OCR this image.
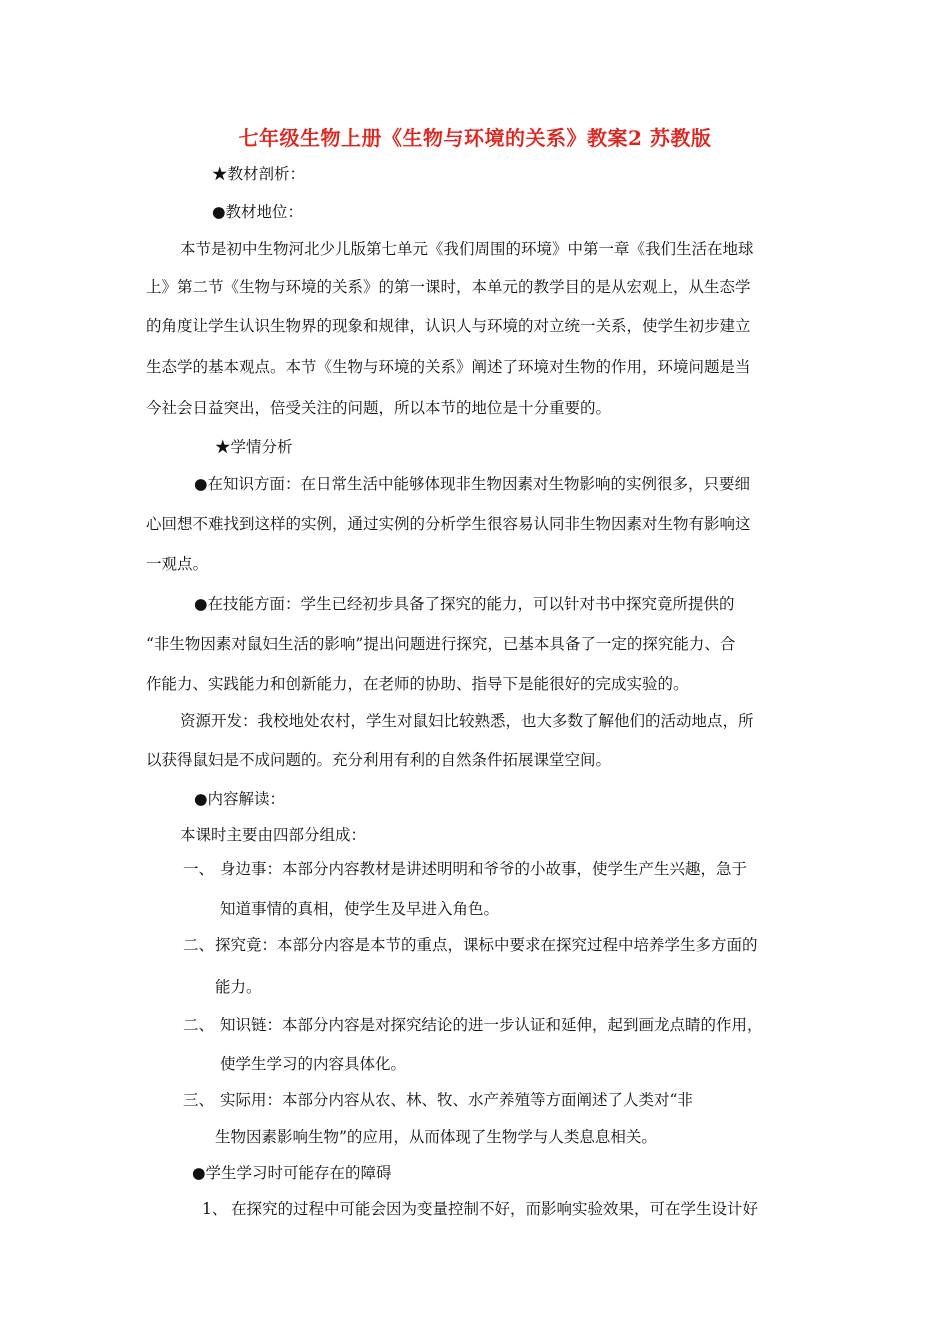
七年级生物上册《生物与环境的关系》教案2 苏教版
★教材剖析：
●教材地位：
本节是初中生物河北少儿版第七单元《我们周围的环境》中第一章《我们生活在地球
上》第二节《生物与环境的关系》的第一课时，本单元的教学目的是从宏观上，从生态学
的角度让学生认识生物界的现象和规律，认识人与环境的对立统一关系，使学生初步建立
生态学的基本观点。本节《生物与环境的关系》阐述了环境对生物的作用，环境问题是当
今社会日益突出，倍受关注的问题，所以本节的地位是十分重要的。
★学情分析
●在知识方面：在日常生活中能够体现非生物因素对生物影响的实例很多，只要细
心回想不难找到这样的实例，通过实例的分析学生很容易认同非生物因素对生物有影响这
一观点。
●在技能方面：学生已经初步具备了探究的能力，可以针对书中探究竟所提供的
“非生物因素对鼠妇生活的影响”提出问题进行探究，已基本具备了一定的探究能力、合
作能力、实践能力和创新能力，在老师的协助、指导下是能很好的完成实验的。
资源开发：我校地处农村，学生对鼠妇比较熟悉，也大多数了解他们的活动地点，所
以获得鼠妇是不成问题的。充分利用有利的自然条件拓展课堂空间。
●内容解读：
本课时主要由四部分组成：
一、 身边事：本部分内容教材是讲述明明和爷爷的小故事，使学生产生兴趣，急于
知道事情的真相，使学生及早进入角色。
二、 探究竟：本部分内容是本节的重点，课标中要求在探究过程中培养学生多方面的
能力。
二、 知识链：本部分内容是对探究结论的进一步认证和延伸，起到画龙点睛的作用，
使学生学习的内容具体化。
三、 实际用：本部分内容从农、林、牧、水产养殖等方面阐述了人类对“非
生物因素影响生物”的应用，从而体现了生物学与人类息息相关。
●学生学习时可能存在的障碍
1、 在探究的过程中可能会因为变量控制不好，而影响实验效果，可在学生设计好
